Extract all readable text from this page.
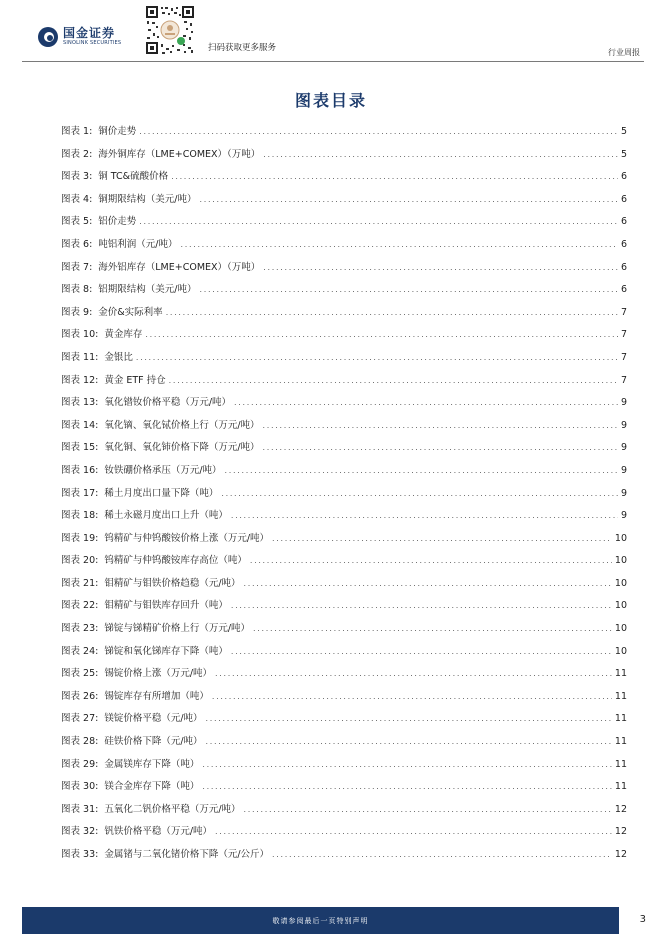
国金证券
SINOLINK SECURITIES	扫码获取更多服务	行业周报
图表目录
图表 1: 铜价走势 .....	5
图表 2: 海外铜库存（LME+COMEX）（万吨） .....	5
图表 3: 铜 TC&硫酸价格 .....	6
图表 4: 铜期限结构（美元/吨） .....	6
图表 5: 铝价走势 .....	6
图表 6: 吨铝利润（元/吨） .....	6
图表 7: 海外铝库存（LME+COMEX）（万吨） .....	6
图表 8: 铝期限结构（美元/吨） .....	6
图表 9: 金价&实际利率 .....	7
图表 10: 黄金库存 .....	7
图表 11: 金银比 .....	7
图表 12: 黄金 ETF 持仓 .....	7
图表 13: 氧化镨钕价格平稳（万元/吨） .....	9
图表 14: 氧化镝、氧化铽价格上行（万元/吨） .....	9
图表 15: 氧化铜、氧化铈价格下降（万元/吨） .....	9
图表 16: 钕铁硼价格承压（万元/吨） .....	9
图表 17: 稀土月度出口量下降（吨） .....	9
图表 18: 稀土永磁月度出口上升（吨） .....	9
图表 19: 钨精矿与仲钨酸铵价格上涨（万元/吨） .....	10
图表 20: 钨精矿与仲钨酸铵库存高位（吨） .....	10
图表 21: 钼精矿与钼铁价格趋稳（元/吨） .....	10
图表 22: 钼精矿与钼铁库存回升（吨） .....	10
图表 23: 锑锭与锑精矿价格上行（万元/吨） .....	10
图表 24: 锑锭和氧化锑库存下降（吨） .....	10
图表 25: 锡锭价格上涨（万元/吨） .....	11
图表 26: 锡锭库存有所增加（吨） .....	11
图表 27: 镁锭价格平稳（元/吨） .....	11
图表 28: 硅铁价格下降（元/吨） .....	11
图表 29: 金属镁库存下降（吨） .....	11
图表 30: 镁合金库存下降（吨） .....	11
图表 31: 五氧化二钒价格平稳（万元/吨） .....	12
图表 32: 钒铁价格平稳（万元/吨） .....	12
图表 33: 金属锗与二氧化锗价格下降（元/公斤） .....	12
敬请参阅最后一页特别声明	3
